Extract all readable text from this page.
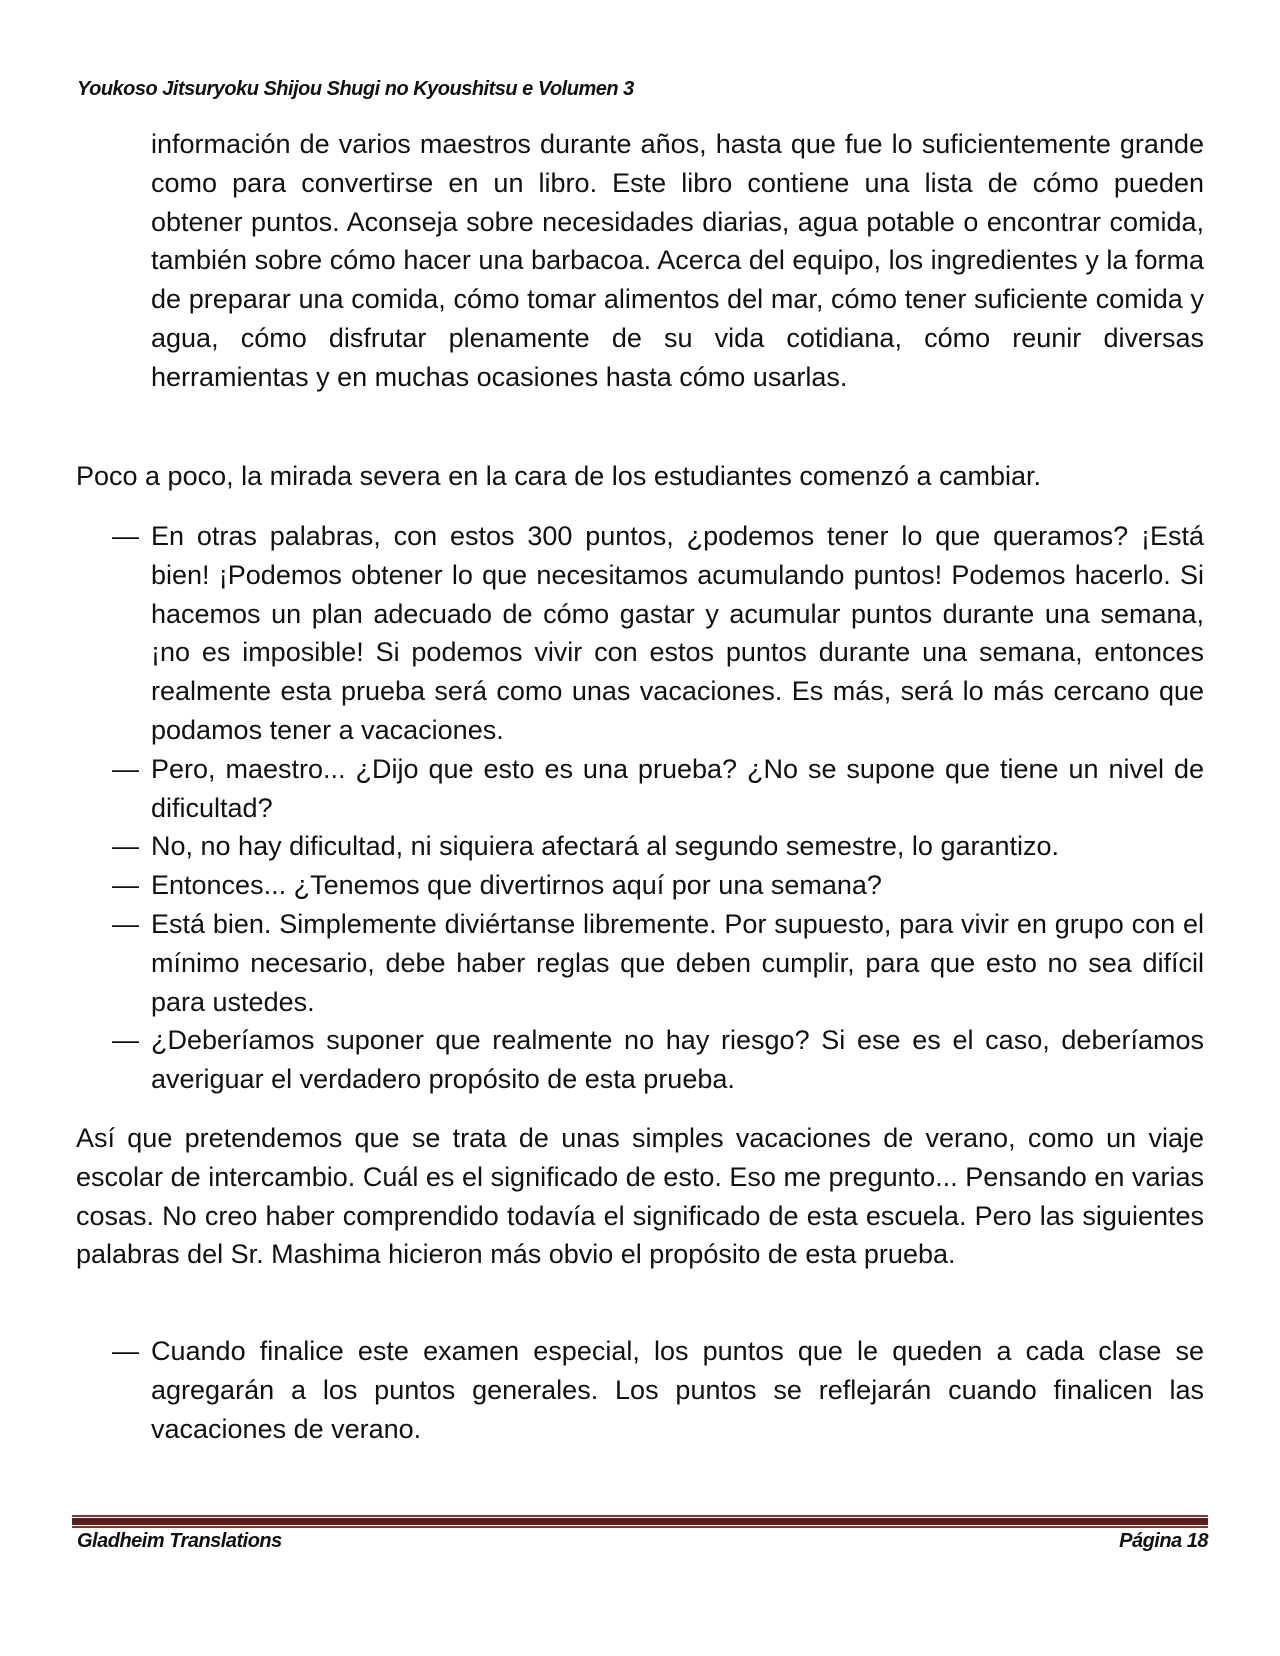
Youkoso Jitsuryoku Shijou Shugi no Kyoushitsu e Volumen 3

información de varios maestros durante años, hasta que fue lo suficientemente grande como para convertirse en un libro. Este libro contiene una lista de cómo pueden obtener puntos. Aconseja sobre necesidades diarias, agua potable o encontrar comida, también sobre cómo hacer una barbacoa. Acerca del equipo, los ingredientes y la forma de preparar una comida, cómo tomar alimentos del mar, cómo tener suficiente comida y agua, cómo disfrutar plenamente de su vida cotidiana, cómo reunir diversas herramientas y en muchas ocasiones hasta cómo usarlas.

Poco a poco, la mirada severa en la cara de los estudiantes comenzó a cambiar.

— En otras palabras, con estos 300 puntos, ¿podemos tener lo que queramos? ¡Está bien! ¡Podemos obtener lo que necesitamos acumulando puntos! Podemos hacerlo. Si hacemos un plan adecuado de cómo gastar y acumular puntos durante una semana, ¡no es imposible! Si podemos vivir con estos puntos durante una semana, entonces realmente esta prueba será como unas vacaciones. Es más, será lo más cercano que podamos tener a vacaciones.

— Pero, maestro... ¿Dijo que esto es una prueba? ¿No se supone que tiene un nivel de dificultad?

— No, no hay dificultad, ni siquiera afectará al segundo semestre, lo garantizo.

— Entonces... ¿Tenemos que divertirnos aquí por una semana?

— Está bien. Simplemente diviértanse libremente. Por supuesto, para vivir en grupo con el mínimo necesario, debe haber reglas que deben cumplir, para que esto no sea difícil para ustedes.

— ¿Deberíamos suponer que realmente no hay riesgo? Si ese es el caso, deberíamos averiguar el verdadero propósito de esta prueba.

Así que pretendemos que se trata de unas simples vacaciones de verano, como un viaje escolar de intercambio. Cuál es el significado de esto. Eso me pregunto... Pensando en varias cosas. No creo haber comprendido todavía el significado de esta escuela. Pero las siguientes palabras del Sr. Mashima hicieron más obvio el propósito de esta prueba.

— Cuando finalice este examen especial, los puntos que le queden a cada clase se agregarán a los puntos generales. Los puntos se reflejarán cuando finalicen las vacaciones de verano.

Gladheim Translations	Página 18
